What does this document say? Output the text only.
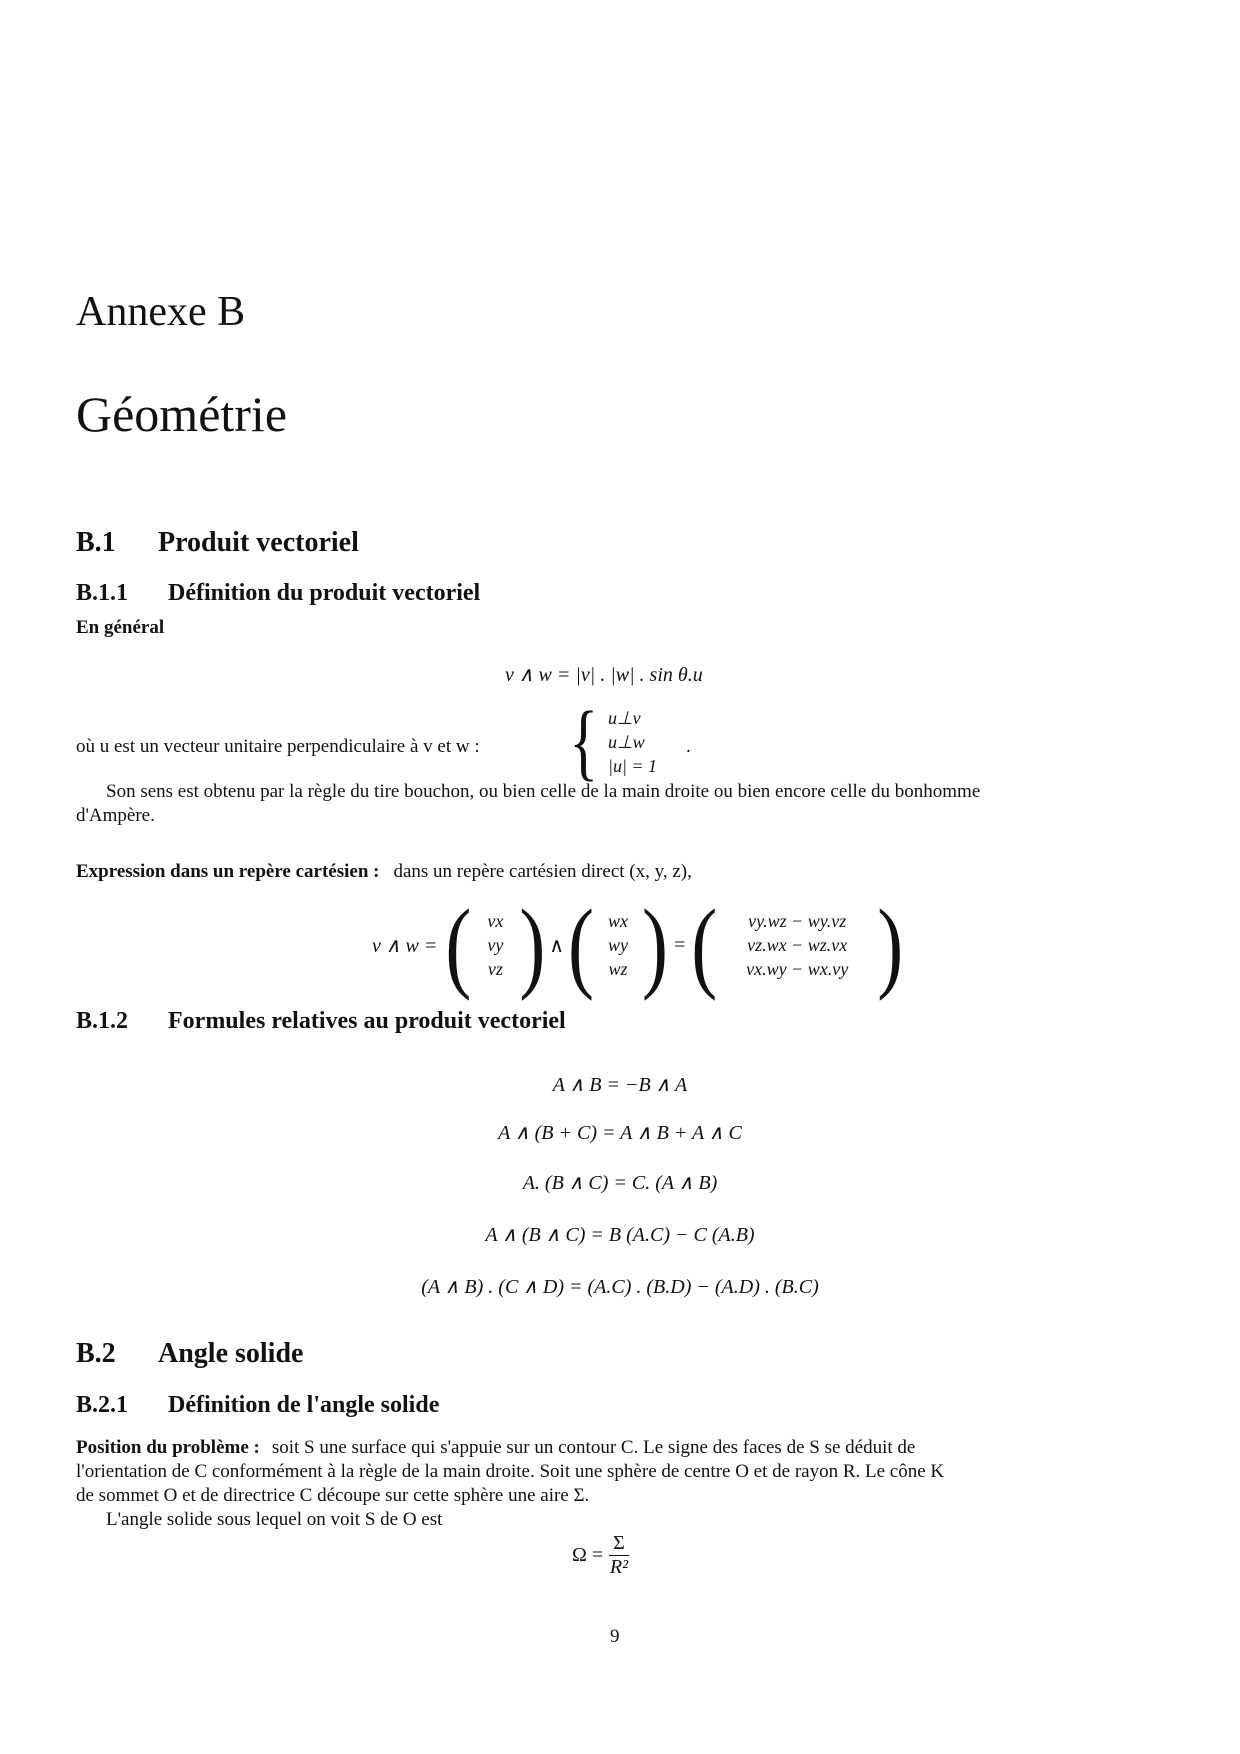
Annexe B
Géométrie
B.1 Produit vectoriel
B.1.1 Définition du produit vectoriel
En général
v ∧ w = |v| . |w| . sin θ.u
où u est un vecteur unitaire perpendiculaire à v et w : { u⊥v
u⊥w
|u| = 1
.
Son sens est obtenu par la règle du tire bouchon, ou bien celle de la main droite ou bien encore celle du bonhomme
d'Ampère.
Expression dans un repère cartésien : dans un repère cartésien direct (x, y, z),
v ∧ w = ( vx
vy
vz ) ∧ ( wx
wy
wz ) = (	vy.wz − wy.vz
vz.wx − wz.vx
vx.wy − wx.vy )
B.1.2 Formules relatives au produit vectoriel
A ∧ B = −B ∧ A
A ∧ (B + C) = A ∧ B + A ∧ C
A. (B ∧ C) = C. (A ∧ B)
A ∧ (B ∧ C) = B (A.C) − C (A.B)
(A ∧ B) . (C ∧ D) = (A.C) . (B.D) − (A.D) . (B.C)
B.2 Angle solide
B.2.1 Définition de l'angle solide
Position du problème : soit S une surface qui s'appuie sur un contour C. Le signe des faces de S se déduit de
l'orientation de C conformément à la règle de la main droite. Soit une sphère de centre O et de rayon R. Le cône K
de sommet O et de directrice C découpe sur cette sphère une aire Σ.
L'angle solide sous lequel on voit S de O est
$\Omega = \frac{\Sigma}{\text{R²}}$
9
